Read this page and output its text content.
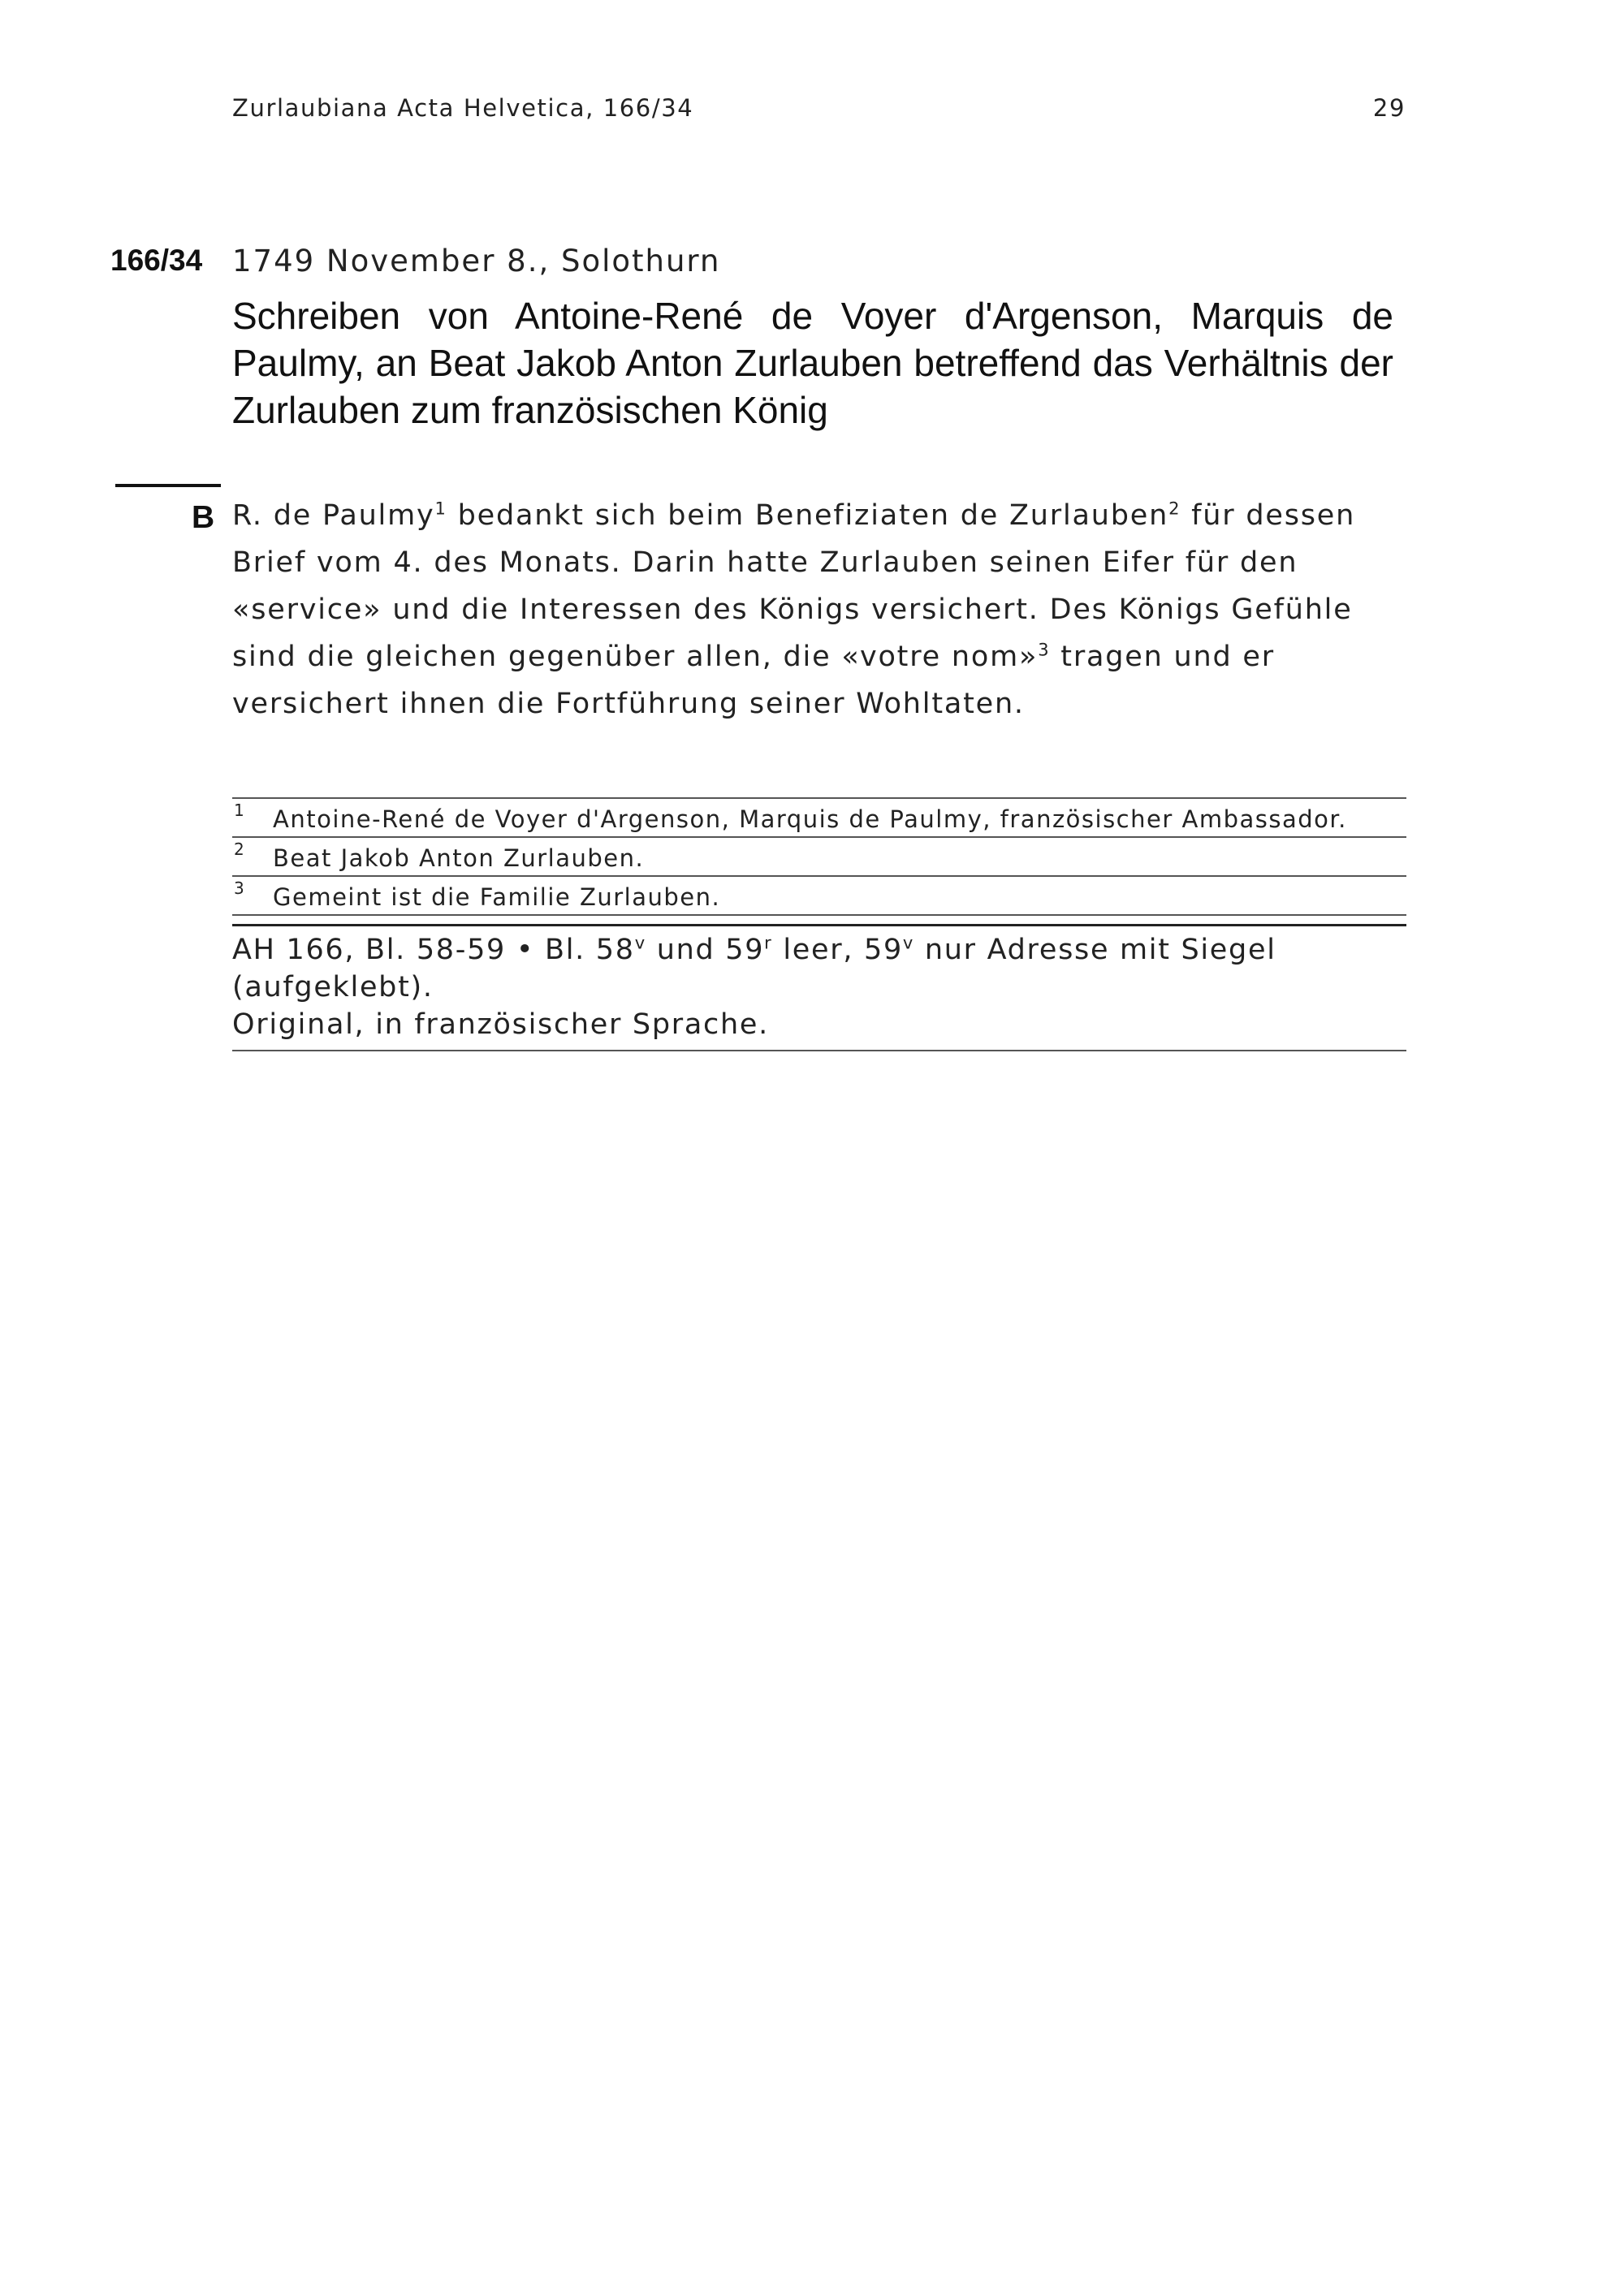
Zurlaubiana Acta Helvetica, 166/34	29
166/34 1749 November 8., Solothurn
Schreiben von Antoine-René de Voyer d'Argenson, Marquis de Paulmy, an Beat Jakob Anton Zurlauben betreffend das Verhältnis der Zurlauben zum französischen König
B R. de Paulmy$^1$ bedankt sich beim Benefiziaten de Zurlauben$^2$ für dessen Brief vom 4. des Monats. Darin hatte Zurlauben seinen Eifer für den «service» und die Interessen des Königs versichert. Des Königs Gefühle sind die gleichen gegenüber allen, die «votre nom»$^3$ tragen und er versichert ihnen die Fortführung seiner Wohltaten.
1 Antoine-René de Voyer d'Argenson, Marquis de Paulmy, französischer Ambassador.
2 Beat Jakob Anton Zurlauben.
3 Gemeint ist die Familie Zurlauben.
AH 166, Bl. 58-59 • Bl. 58$^v$ und 59$^r$ leer, 59$^v$ nur Adresse mit Siegel (aufgeklebt).
Original, in französischer Sprache.
